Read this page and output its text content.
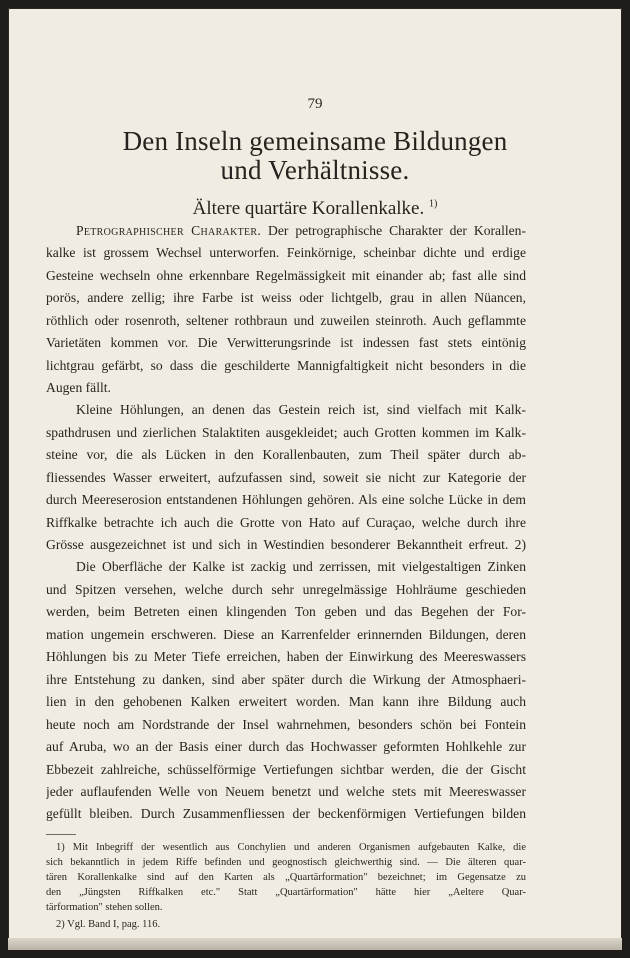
79
Den Inseln gemeinsame Bildungen
und Verhältnisse.
Ältere quartäre Korallenkalke. $^{1)}$
Petrographischer Charakter. Der petrographische Charakter der Korallen-
kalke ist grossem Wechsel unterworfen. Feinkörnige, scheinbar dichte und erdige
Gesteine wechseln ohne erkennbare Regelmässigkeit mit einander ab; fast alle sind
porös, andere zellig; ihre Farbe ist weiss oder lichtgelb, grau in allen Nüancen,
röthlich oder rosenroth, seltener rothbraun und zuweilen steinroth. Auch geflammte
Varietäten kommen vor. Die Verwitterungsrinde ist indessen fast stets eintönig
lichtgrau gefärbt, so dass die geschilderte Mannigfaltigkeit nicht besonders in die
Augen fällt.
Kleine Höhlungen, an denen das Gestein reich ist, sind vielfach mit Kalk-
spathdrusen und zierlichen Stalaktiten ausgekleidet; auch Grotten kommen im Kalk-
steine vor, die als Lücken in den Korallenbauten, zum Theil später durch ab-
fliessendes Wasser erweitert, aufzufassen sind, soweit sie nicht zur Kategorie der
durch Meereserosion entstandenen Höhlungen gehören. Als eine solche Lücke in dem
Riffkalke betrachte ich auch die Grotte von Hato auf Curaçao, welche durch ihre
Grösse ausgezeichnet ist und sich in Westindien besonderer Bekanntheit erfreut. 2)
Die Oberfläche der Kalke ist zackig und zerrissen, mit vielgestaltigen Zinken
und Spitzen versehen, welche durch sehr unregelmässige Hohlräume geschieden
werden, beim Betreten einen klingenden Ton geben und das Begehen der For-
mation ungemein erschweren. Diese an Karrenfelder erinnernden Bildungen, deren
Höhlungen bis zu Meter Tiefe erreichen, haben der Einwirkung des Meereswassers
ihre Entstehung zu danken, sind aber später durch die Wirkung der Atmosphaeri-
lien in den gehobenen Kalken erweitert worden. Man kann ihre Bildung auch
heute noch am Nordstrande der Insel wahrnehmen, besonders schön bei Fontein
auf Aruba, wo an der Basis einer durch das Hochwasser geformten Hohlkehle zur
Ebbezeit zahlreiche, schüsselförmige Vertiefungen sichtbar werden, die der Gischt
jeder auflaufenden Welle von Neuem benetzt und welche stets mit Meereswasser
gefüllt bleiben. Durch Zusammenfliessen der beckenförmigen Vertiefungen bilden
1) Mit Inbegriff der wesentlich aus Conchylien und anderen Organismen aufgebauten Kalke, die
sich bekanntlich in jedem Riffe befinden und geognostisch gleichwerthig sind. — Die älteren quar-
tären Korallenkalke sind auf den Karten als „Quartärformation" bezeichnet; im Gegensatze zu
den „Jüngsten Riffkalken etc." Statt „Quartärformation" hätte hier „Aeltere Quar-
tärformation" stehen sollen.
2) Vgl. Band I, pag. 116.
